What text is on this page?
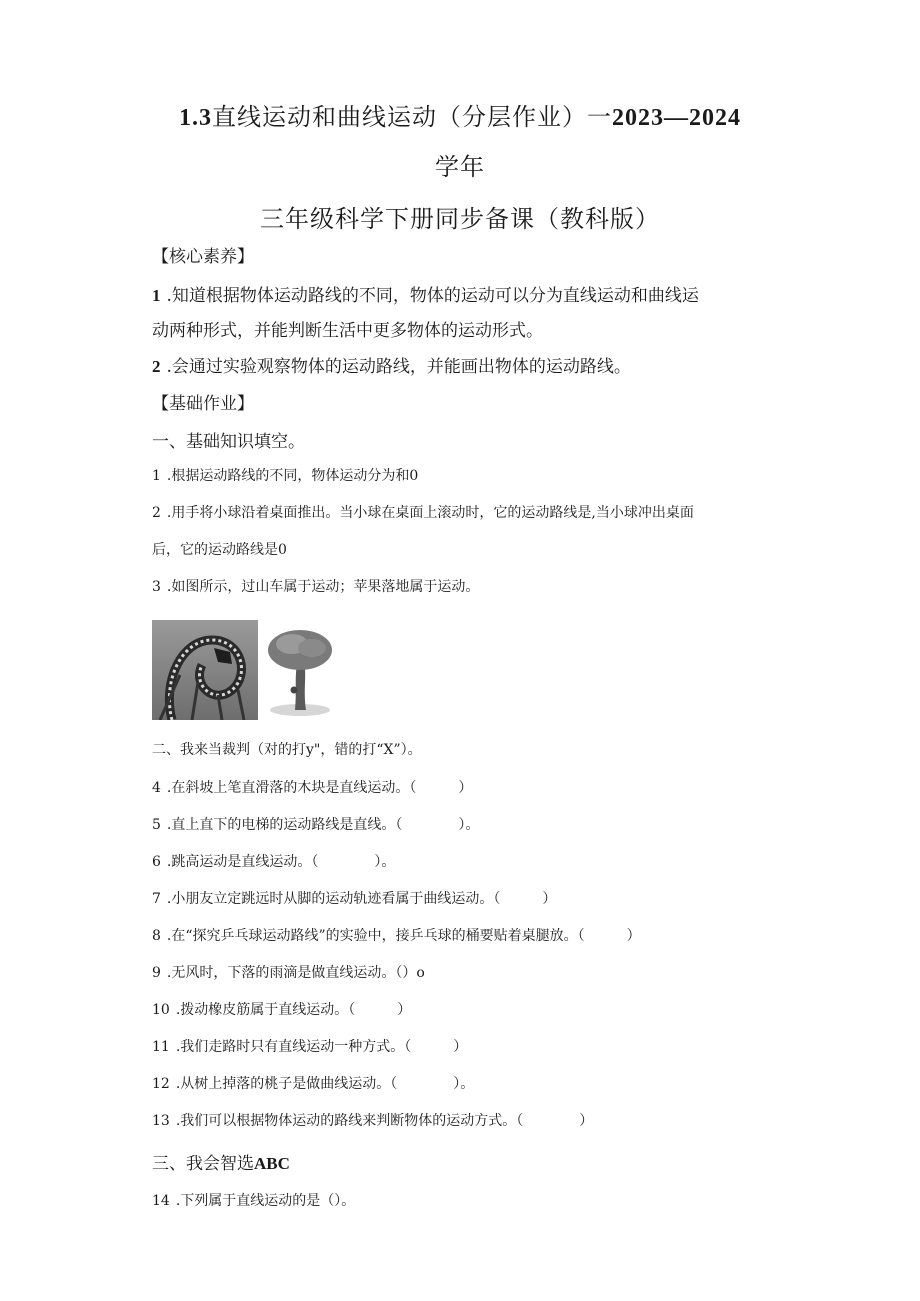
1.3直线运动和曲线运动（分层作业）一2023—2024
学年
三年级科学下册同步备课（教科版）
【核心素养】
1 .知道根据物体运动路线的不同，物体的运动可以分为直线运动和曲线运
动两种形式，并能判断生活中更多物体的运动形式。
2 .会通过实验观察物体的运动路线，并能画出物体的运动路线。
【基础作业】
一、基础知识填空。
1 .根据运动路线的不同，物体运动分为和0
2 .用手将小球沿着桌面推出。当小球在桌面上滚动时，它的运动路线是,当小球冲出桌面
后，它的运动路线是0
3 .如图所示，过山车属于运动；苹果落地属于运动。
二、我来当裁判（对的打y"，错的打“X”）。
4 .在斜坡上笔直滑落的木块是直线运动。（　　　）
5 .直上直下的电梯的运动路线是直线。（　　　　）。
6 .跳高运动是直线运动。（　　　　）。
7 .小朋友立定跳远时从脚的运动轨迹看属于曲线运动。（　　　）
8 .在“探究乒乓球运动路线”的实验中，接乒乓球的桶要贴着桌腿放。（　　　）
9 .无风时，下落的雨滴是做直线运动。（）o
10 .拨动橡皮筋属于直线运动。（　　　）
11 .我们走路时只有直线运动一种方式。（　　　）
12 .从树上掉落的桃子是做曲线运动。（　　　　）。
13 .我们可以根据物体运动的路线来判断物体的运动方式。（　　　　）
三、我会智选ABC
14 .下列属于直线运动的是（）。
